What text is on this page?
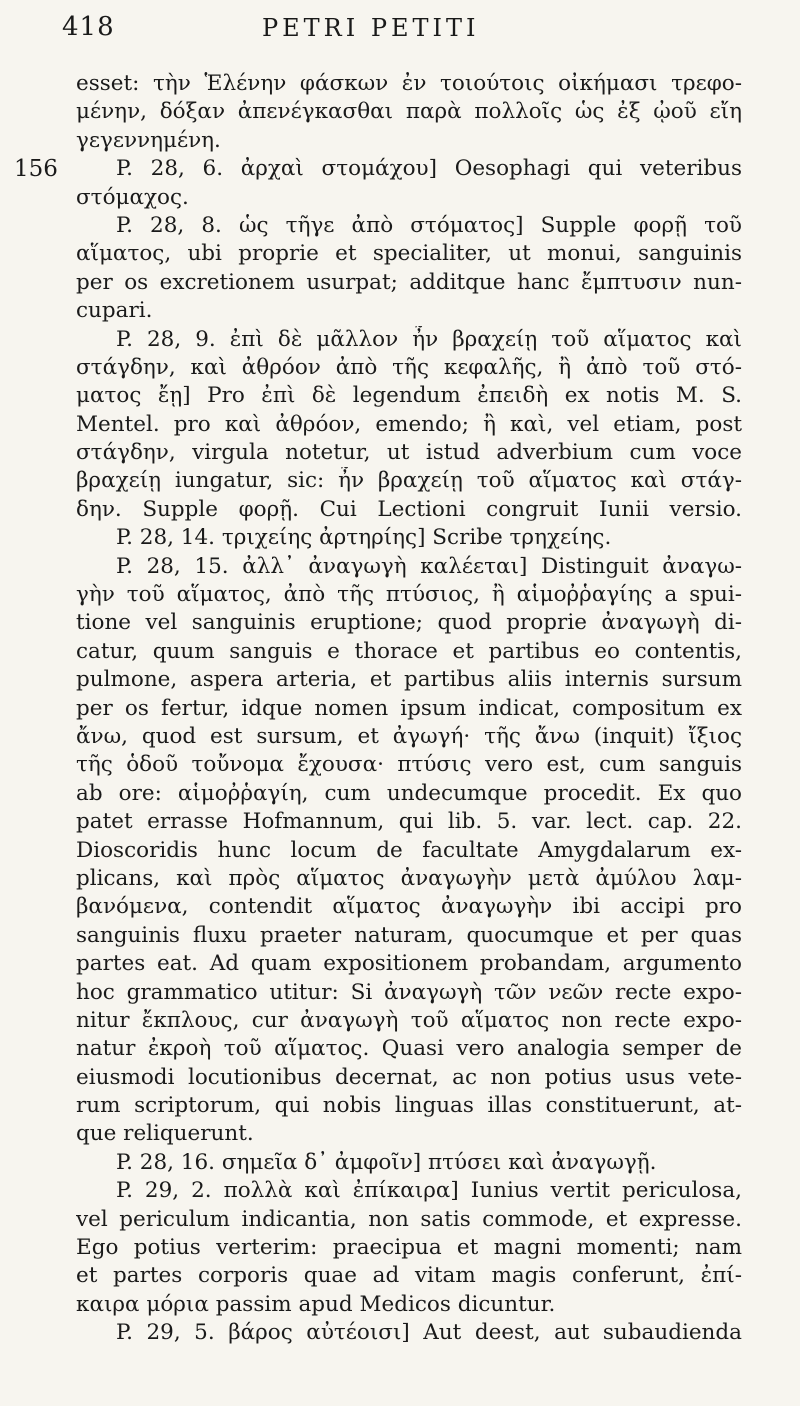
418	PETRI PETITI
156
esset: τὴν Ἑλένην φάσκων ἐν τοιούτοις οἰκήμασι τρεφο-
μένην, δόξαν ἀπενέγκασθαι παρὰ πολλοῖς ὡς ἐξ ᾠοῦ εἴη
γεγεννημένη.
P. 28, 6. ἀρχαὶ στομάχου] Oesophagi qui veteribus
στόμαχος.
P. 28, 8. ὡς τῆγε ἀπὸ στόματος] Supple φορῇ τοῦ
αἵματος, ubi proprie et specialiter, ut monui, sanguinis
per os excretionem usurpat; additque hanc ἔμπτυσιν nun-
cupari.
P. 28, 9. ἐπὶ δὲ μᾶλλον ἦν βραχείῃ τοῦ αἵματος καὶ
στάγδην, καὶ ἀθρόον ἀπὸ τῆς κεφαλῆς, ἢ ἀπὸ τοῦ στό-
ματος ἔῃ] Pro ἐπὶ δὲ legendum ἐπειδὴ ex notis M. S.
Mentel. pro καὶ ἀθρόον, emendo; ἢ καὶ, vel etiam, post
στάγδην, virgula notetur, ut istud adverbium cum voce
βραχείῃ iungatur, sic: ἦν βραχείῃ τοῦ αἵματος καὶ στάγ-
δην. Supple φορῇ. Cui Lectioni congruit Iunii versio.
P. 28, 14. τριχείης ἀρτηρίης] Scribe τρηχείης.
P. 28, 15. ἀλλ᾽ ἀναγωγὴ καλέεται] Distinguit ἀναγω-
γὴν τοῦ αἵματος, ἀπὸ τῆς πτύσιος, ἢ αἱμοῤῥαγίης a spui-
tione vel sanguinis eruptione; quod proprie ἀναγωγὴ di-
catur, quum sanguis e thorace et partibus eo contentis,
pulmone, aspera arteria, et partibus aliis internis sursum
per os fertur, idque nomen ipsum indicat, compositum ex
ἄνω, quod est sursum, et ἀγωγή· τῆς ἄνω (inquit) ἴξιος
τῆς ὁδοῦ τοὔνομα ἔχουσα· πτύσις vero est, cum sanguis
ab ore: αἱμοῤῥαγίη, cum undecumque procedit. Ex quo
patet errasse Hofmannum, qui lib. 5. var. lect. cap. 22.
Dioscoridis hunc locum de facultate Amygdalarum ex-
plicans, καὶ πρὸς αἵματος ἀναγωγὴν μετὰ ἀμύλου λαμ-
βανόμενα, contendit αἵματος ἀναγωγὴν ibi accipi pro
sanguinis fluxu praeter naturam, quocumque et per quas
partes eat. Ad quam expositionem probandam, argumento
hoc grammatico utitur: Si ἀναγωγὴ τῶν νεῶν recte expo-
nitur ἔκπλους, cur ἀναγωγὴ τοῦ αἵματος non recte expo-
natur ἐκροὴ τοῦ αἵματος. Quasi vero analogia semper de
eiusmodi locutionibus decernat, ac non potius usus vete-
rum scriptorum, qui nobis linguas illas constituerunt, at-
que reliquerunt.
P. 28, 16. σημεῖα δ᾽ ἀμφοῖν] πτύσει καὶ ἀναγωγῇ.
P. 29, 2. πολλὰ καὶ ἐπίκαιρα] Iunius vertit periculosa,
vel periculum indicantia, non satis commode, et expresse.
Ego potius verterim: praecipua et magni momenti; nam
et partes corporis quae ad vitam magis conferunt, ἐπί-
καιρα μόρια passim apud Medicos dicuntur.
P. 29, 5. βάρος αὐτέοισι] Aut deest, aut subaudienda
